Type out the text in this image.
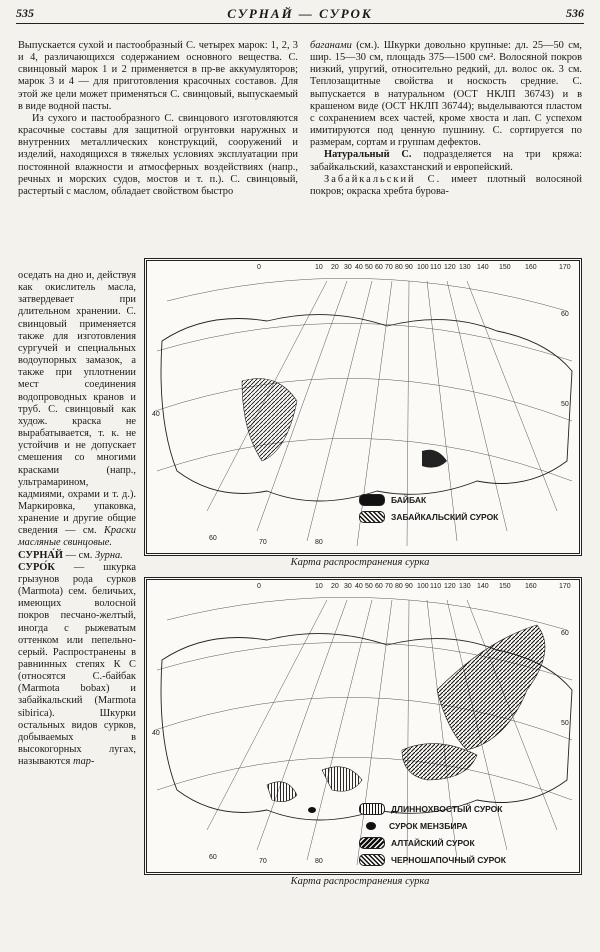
535	СУРНАЙ — СУРОК	536

Выпускается сухой и пастообразный С. четырех марок: 1, 2, 3 и 4, различающихся содержанием основного вещества. С. свинцовый марок 1 и 2 применяется в пр-ве аккумуляторов; марок 3 и 4 — для приготовления красочных составов. Для этой же цели может применяться С. свинцовый, выпускаемый в виде водной пасты.

Из сухого и пастообразного С. свинцового изготовляются красочные составы для защитной огрунтовки наружных и внутренних металлических конструкций, сооружений и изделий, находящихся в тяжелых условиях эксплуатации при постоянной влажности и атмосферных воздействиях (напр., речных и морских судов, мостов и т. п.). С. свинцовый, растертый с маслом, обладает свойством быстро

баганами (см.). Шкурки довольно крупные: дл. 25—50 см, шир. 15—30 см, площадь 375—1500 см². Волосяной покров низкий, упругий, относительно редкий, дл. волос ок. 3 см. Теплозащитные свойства и носкость средние. С. выпускается в натуральном (ОСТ НКЛП 36743) и в крашеном виде (ОСТ НКЛП 36744); выделываются пластом с сохранением всех частей, кроме хвоста и лап. С успехом имитируются под ценную пушнину. С. сортируется по размерам, сортам и группам дефектов.

Натуральный С. подразделяется на три кряжа: забайкальский, казахстанский и европейский.

Забайкальский С. имеет плотный волосяной покров; окраска хребта бурова-

оседать на дно и, действуя как окислитель масла, затвердевает при длительном хранении. С. свинцовый применяется также для изготовления сургучей и специальных водоупорных замазок, а также при уплотнении мест соединения водопроводных кранов и труб. С. свинцовый как худож. краска не вырабатывается, т. к. не устойчив и не допускает смешения со многими красками (напр., ультрамарином, кадмиями, охрами и т. д.). Маркировка, упаковка, хранение и другие общие сведения — см. Краски масляные свинцовые.

СУРНА́Й — см. Зурна.

СУРО́К — шкурка грызунов рода сурков (Marmota) сем. беличьих, имеющих волосной покров песчано-желтый, иногда с рыжеватым оттенком или пепельно-серый. Распространены в равнинных степях К С (относятся С.-байбак (Marmota bobax) и забайкальский (Marmota sibirica). Шкурки остальных видов сурков, добываемых в высокогорных лугах, называются тар-

БАЙБАК
ЗАБАЙКАЛЬСКИЙ СУРОК
0	10 20 30 40 50 60 70 80 90 100 110 120 130 140 150 160	170
40
50
60
60
70	80
Карта распространения сурка
ДЛИННОХВОСТЫЙ СУРОК
СУРОК МЕНЗБИРА
АЛТАЙСКИЙ СУРОК
ЧЕРНОШАПОЧНЫЙ СУРОК
0	10 20 30 40 50 60 70 80 90 100 110 120 130 140 150 160	170
40
50
60
60
70	80
Карта распространения сурка
